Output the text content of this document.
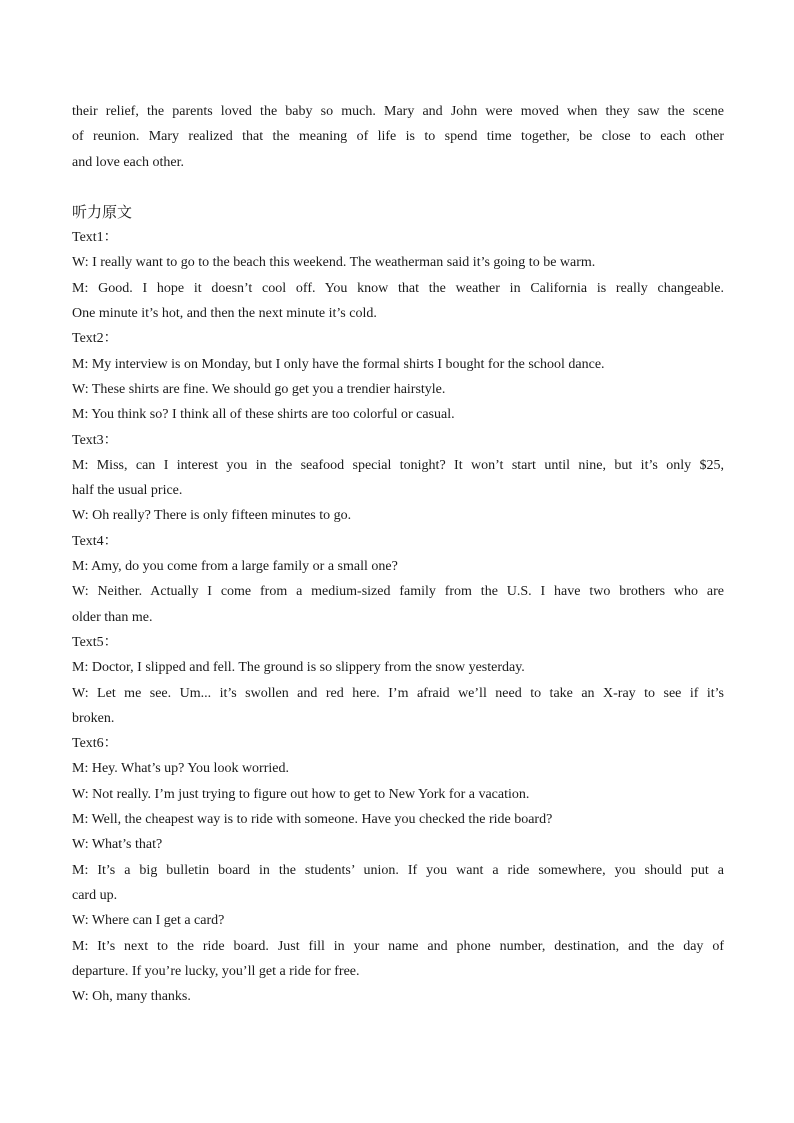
their relief, the parents loved the baby so much. Mary and John were moved when they saw the scene
of reunion. Mary realized that the meaning of life is to spend time together, be close to each other
and love each other.
听力原文
Text1：
W: I really want to go to the beach this weekend. The weatherman said it’s going to be warm.
M: Good. I hope it doesn’t cool off. You know that the weather in California is really changeable.
One minute it’s hot, and then the next minute it’s cold.
Text2：
M: My interview is on Monday, but I only have the formal shirts I bought for the school dance.
W: These shirts are fine. We should go get you a trendier hairstyle.
M: You think so? I think all of these shirts are too colorful or casual.
Text3：
M: Miss, can I interest you in the seafood special tonight? It won’t start until nine, but it’s only $25,
half the usual price.
W: Oh really? There is only fifteen minutes to go.
Text4：
M: Amy, do you come from a large family or a small one?
W: Neither. Actually I come from a medium-sized family from the U.S. I have two brothers who are
older than me.
Text5：
M: Doctor, I slipped and fell. The ground is so slippery from the snow yesterday.
W: Let me see. Um... it’s swollen and red here. I’m afraid we’ll need to take an X-ray to see if it’s
broken.
Text6：
M: Hey. What’s up? You look worried.
W: Not really. I’m just trying to figure out how to get to New York for a vacation.
M: Well, the cheapest way is to ride with someone. Have you checked the ride board?
W: What’s that?
M: It’s a big bulletin board in the students’ union. If you want a ride somewhere, you should put a
card up.
W: Where can I get a card?
M: It’s next to the ride board. Just fill in your name and phone number, destination, and the day of
departure. If you’re lucky, you’ll get a ride for free.
W: Oh, many thanks.
